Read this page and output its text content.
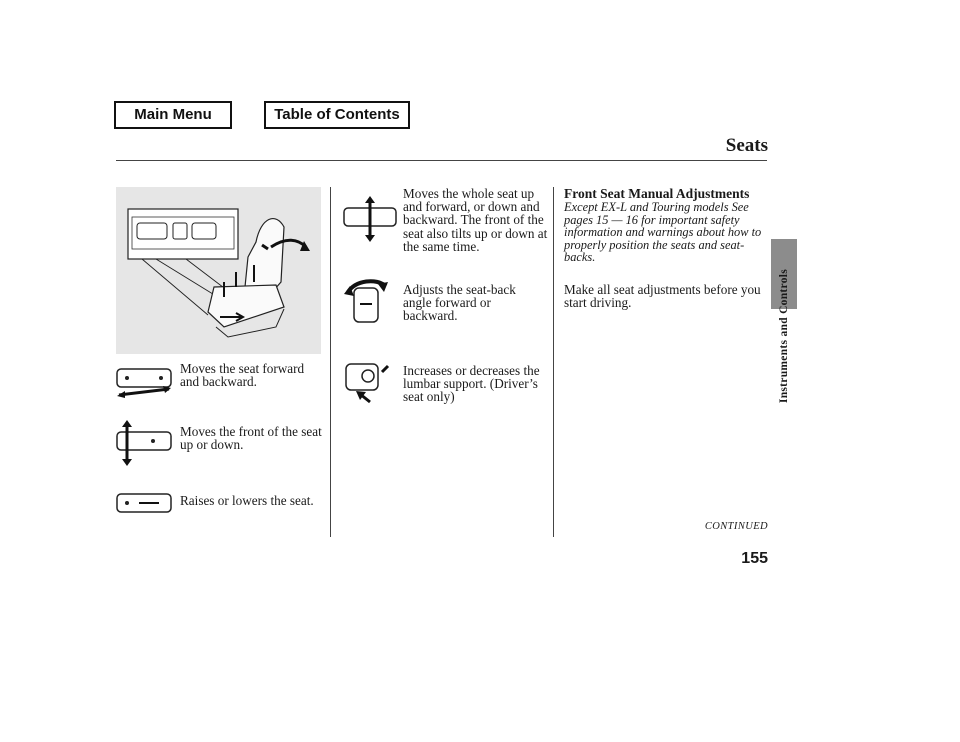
Main Menu	Table of Contents
Seats
Instruments and Controls
Moves the seat forward and backward.
Moves the front of the seat up or down.
Raises or lowers the seat.
Moves the whole seat up and forward, or down and backward. The front of the seat also tilts up or down at the same time.
Adjusts the seat-back angle forward or backward.
Increases or decreases the lumbar support. (Driver’s seat only)
Front Seat Manual Adjustments
Except EX-L and Touring models See pages 15 — 16 for important safety information and warnings about how to properly position the seats and seat-backs.
Make all seat adjustments before you start driving.
CONTINUED
155
